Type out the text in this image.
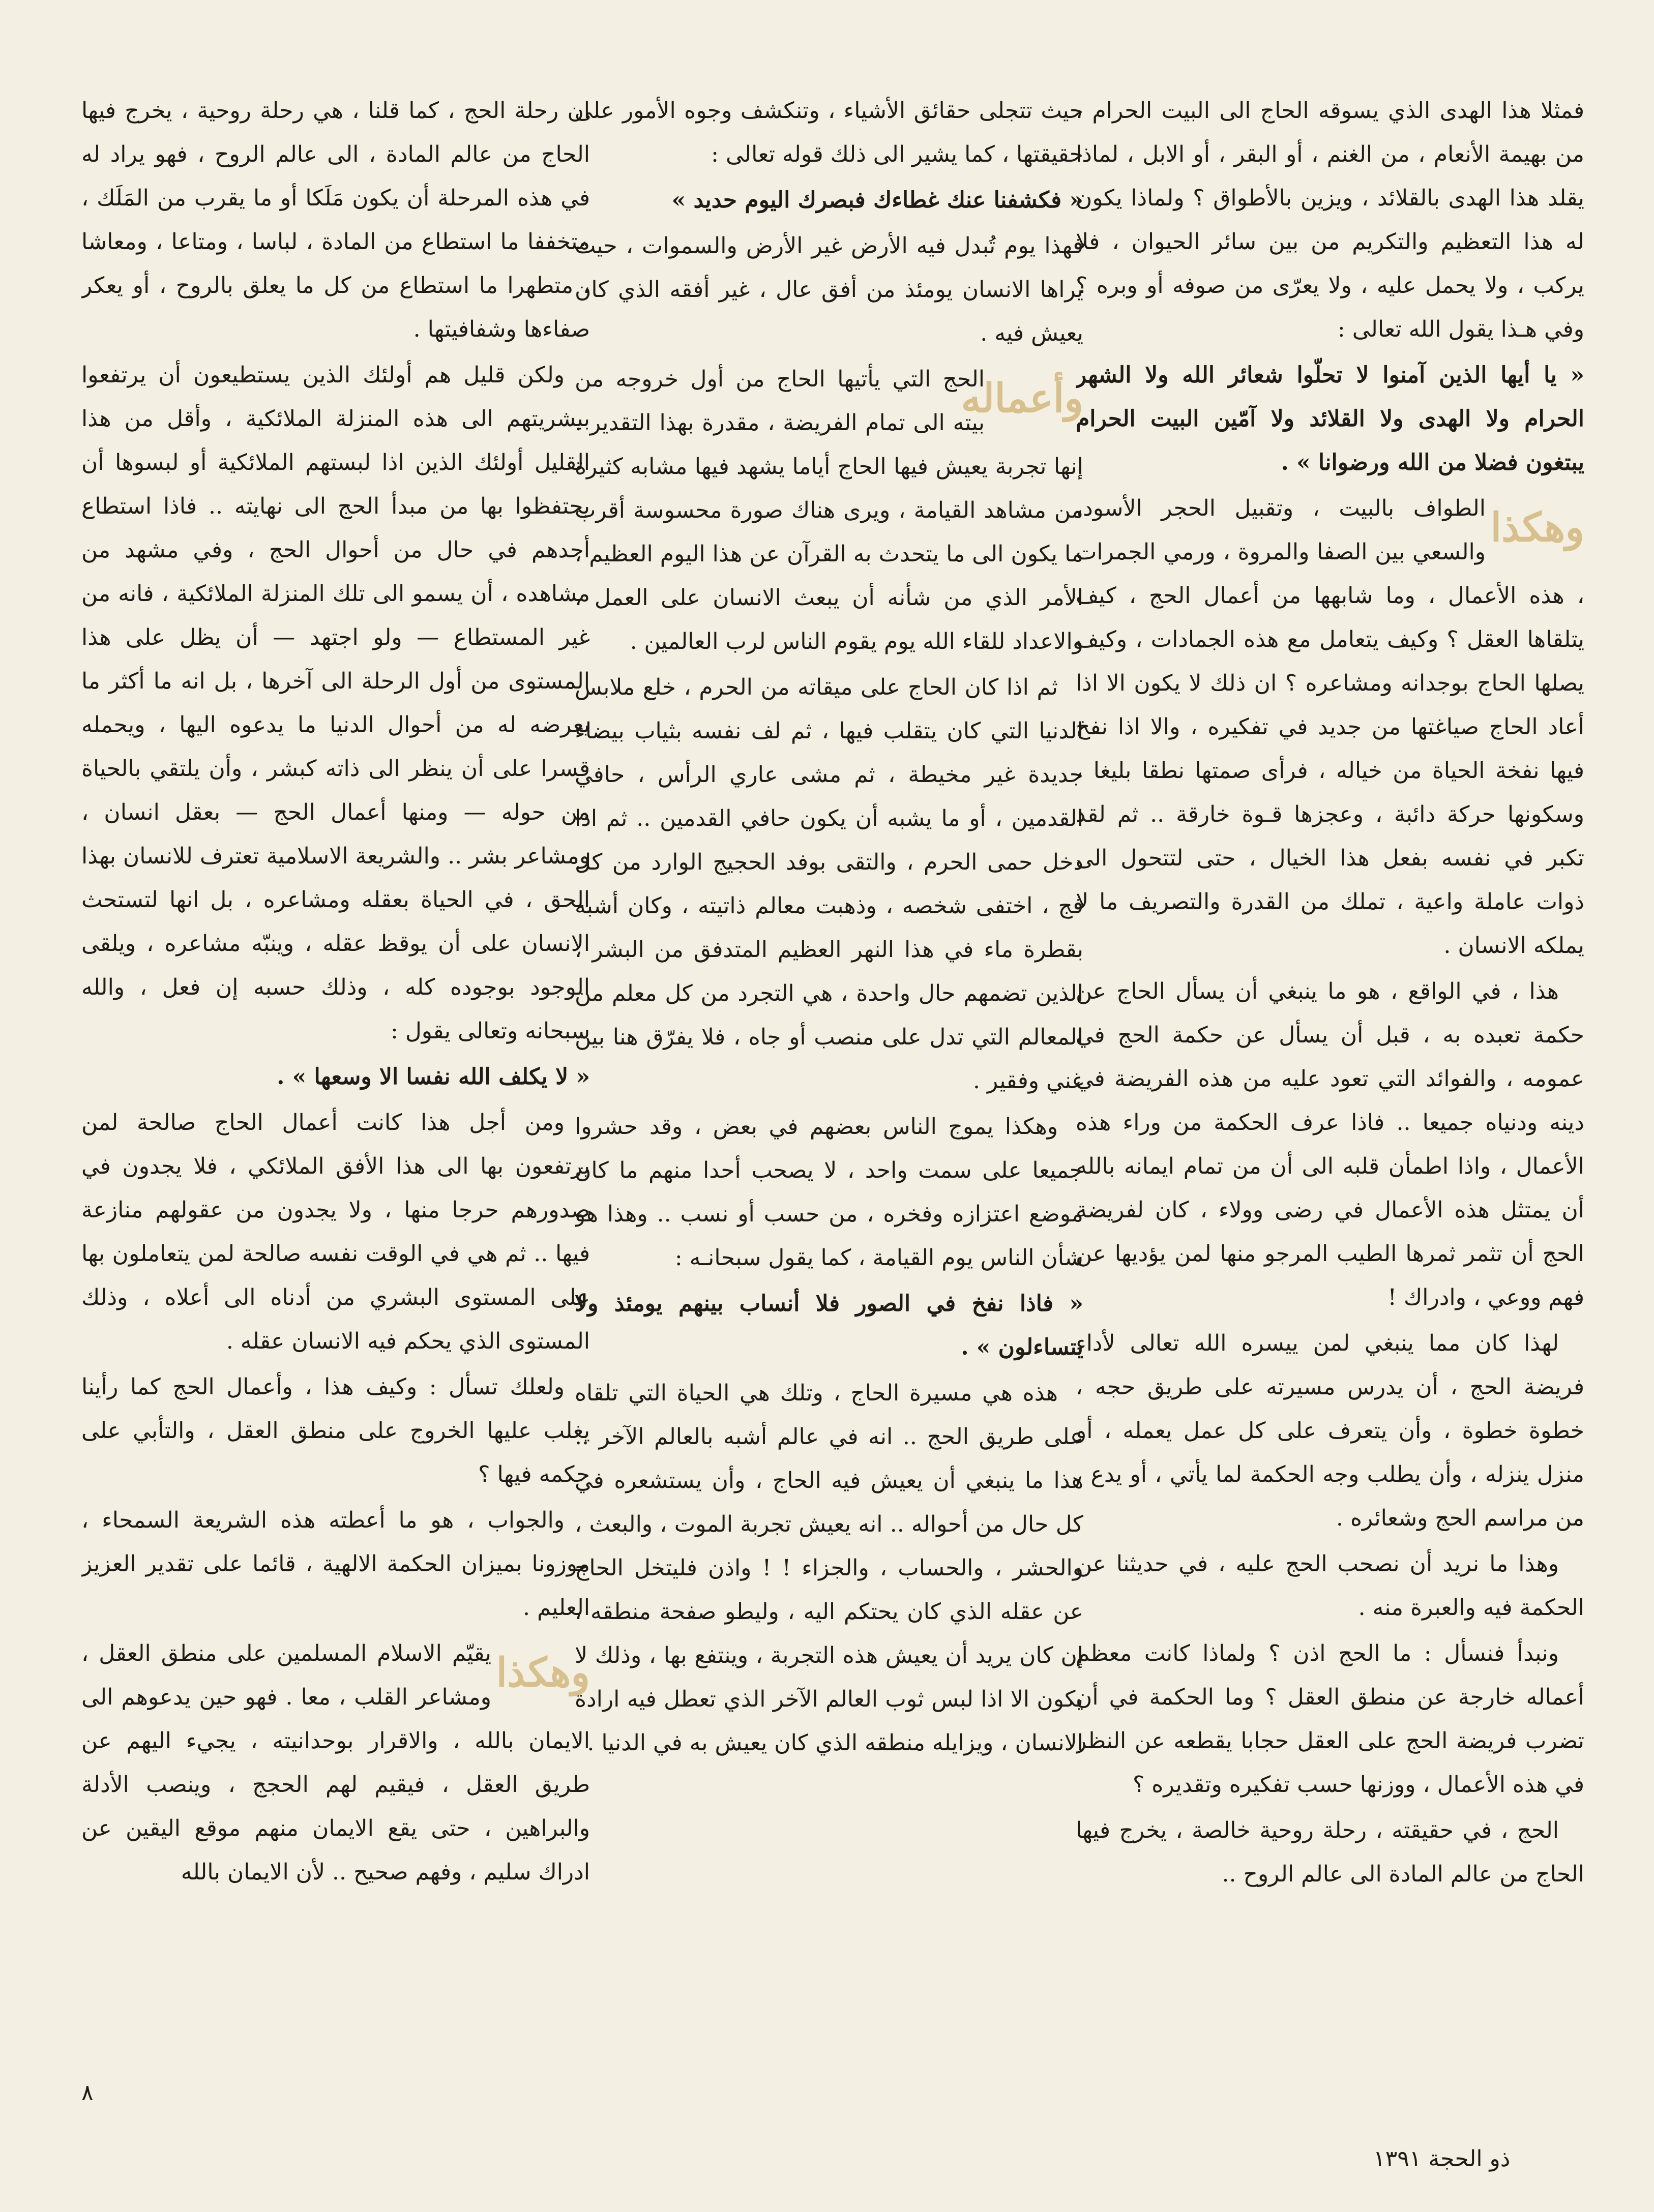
فمثلا هذا الهدى الذي يسوقه الحاج الى البيت الحرام ، من بهيمة الأنعام ، من الغنم ، أو البقر ، أو الابل ، لماذا يقلد هذا الهدى بالقلائد ، ويزين بالأطواق ؟ ولماذا يكون له هذا التعظيم والتكريم من بين سائر الحيوان ، فلا يركب ، ولا يحمل عليه ، ولا يعرّى من صوفه أو وبره ؟ وفي هـذا يقول الله تعالى :

« يا أيها الذين آمنوا لا تحلّوا شعائر الله ولا الشهر الحرام ولا الهدى ولا القلائد ولا آمّين البيت الحرام يبتغون فضلا من الله ورضوانا » .

وهكذا
الطواف بالبيت ، وتقبيل الحجر الأسود، والسعي بين الصفا والمروة ، ورمي الجمرات ، هذه الأعمال ، وما شابهها من أعمال الحج ، كيف يتلقاها العقل ؟ وكيف يتعامل مع هذه الجمادات ، وكيف يصلها الحاج بوجدانه ومشاعره ؟ ان ذلك لا يكون الا اذا أعاد الحاج صياغتها من جديد في تفكيره ، والا اذا نفخ فيها نفخة الحياة من خياله ، فرأى صمتها نطقا بليغا ، وسكونها حركة دائبة ، وعجزها قـوة خارقة .. ثم لقد تكبر في نفسه بفعل هذا الخيال ، حتى لتتحول الى ذوات عاملة واعية ، تملك من القدرة والتصريف ما لا يملكه الانسان .

هذا ، في الواقع ، هو ما ينبغي أن يسأل الحاج عن حكمة تعبده به ، قبل أن يسأل عن حكمة الحج في عمومه ، والفوائد التي تعود عليه من هذه الفريضة في دينه ودنياه جميعا .. فاذا عرف الحكمة من وراء هذه الأعمال ، واذا اطمأن قلبه الى أن من تمام ايمانه بالله أن يمتثل هذه الأعمال في رضى وولاء ، كان لفريضة الحج أن تثمر ثمرها الطيب المرجو منها لمن يؤديها عن فهم ووعي ، وادراك !

لهذا كان مما ينبغي لمن ييسره الله تعالى لأداء فريضة الحج ، أن يدرس مسيرته على طريق حجه ، خطوة خطوة ، وأن يتعرف على كل عمل يعمله ، أو منزل ينزله ، وأن يطلب وجه الحكمة لما يأتي ، أو يدع ، من مراسم الحج وشعائره .

وهذا ما نريد أن نصحب الحج عليه ، في حديثنا عن الحكمة فيه والعبرة منه .

ونبدأ فنسأل : ما الحج اذن ؟ ولماذا كانت معظم أعماله خارجة عن منطق العقل ؟ وما الحكمة في أن تضرب فريضة الحج على العقل حجابا يقطعه عن النظر في هذه الأعمال ، ووزنها حسب تفكيره وتقديره ؟

الحج ، في حقيقته ، رحلة روحية خالصة ، يخرج فيها الحاج من عالم المادة الى عالم الروح ..

حيث تتجلى حقائق الأشياء ، وتنكشف وجوه الأمور على حقيقتها ، كما يشير الى ذلك قوله تعالى :

« فكشفنا عنك غطاءك فبصرك اليوم حديد »

فهذا يوم تُبدل فيه الأرض غير الأرض والسموات ، حيث يراها الانسان يومئذ من أفق عال ، غير أفقه الذي كان يعيش فيه .

وأعماله
الحج التي يأتيها الحاج من أول خروجه من بيته الى تمام الفريضة ، مقدرة بهذا التقدير . إنها تجربة يعيش فيها الحاج أياما يشهد فيها مشابه كثيرة من مشاهد القيامة ، ويرى هناك صورة محسوسة أقرب ما يكون الى ما يتحدث به القرآن عن هذا اليوم العظيم ، الأمر الذي من شأنه أن يبعث الانسان على العمل ، والاعداد للقاء الله يوم يقوم الناس لرب العالمين .

ثم اذا كان الحاج على ميقاته من الحرم ، خلع ملابس الدنيا التي كان يتقلب فيها ، ثم لف نفسه بثياب بيضاء جديدة غير مخيطة ، ثم مشى عاري الرأس ، حافي القدمين ، أو ما يشبه أن يكون حافي القدمين .. ثم اذا دخل حمى الحرم ، والتقى بوفد الحجيج الوارد من كل فج ، اختفى شخصه ، وذهبت معالم ذاتيته ، وكان أشبه بقطرة ماء في هذا النهر العظيم المتدفق من البشر ، الذين تضمهم حال واحدة ، هي التجرد من كل معلم من المعالم التي تدل على منصب أو جاه ، فلا يفرّق هنا بين غني وفقير .

وهكذا يموج الناس بعضهم في بعض ، وقد حشروا جميعا على سمت واحد ، لا يصحب أحدا منهم ما كان موضع اعتزازه وفخره ، من حسب أو نسب .. وهذا هو شأن الناس يوم القيامة ، كما يقول سبحانـه :

« فاذا نفخ في الصور فلا أنساب بينهم يومئذ ولا يتساءلون » .

هذه هي مسيرة الحاج ، وتلك هي الحياة التي تلقاه على طريق الحج .. انه في عالم أشبه بالعالم الآخر .. هذا ما ينبغي أن يعيش فيه الحاج ، وأن يستشعره في كل حال من أحواله .. انه يعيش تجربة الموت ، والبعث ، والحشر ، والحساب ، والجزاء ! ! واذن فليتخل الحاج عن عقله الذي كان يحتكم اليه ، وليطو صفحة منطقه ، إن كان يريد أن يعيش هذه التجربة ، وينتفع بها ، وذلك لا يكون الا اذا لبس ثوب العالم الآخر الذي تعطل فيه ارادة الانسان ، ويزايله منطقه الذي كان يعيش به في الدنيا .

ان رحلة الحج ، كما قلنا ، هي رحلة روحية ، يخرج فيها الحاج من عالم المادة ، الى عالم الروح ، فهو يراد له في هذه المرحلة أن يكون مَلَكا أو ما يقرب من المَلَك ، متخففا ما استطاع من المادة ، لباسا ، ومتاعا ، ومعاشا ، متطهرا ما استطاع من كل ما يعلق بالروح ، أو يعكر صفاءها وشفافيتها .

ولكن قليل هم أولئك الذين يستطيعون أن يرتفعوا ببشريتهم الى هذه المنزلة الملائكية ، وأقل من هذا القليل أولئك الذين اذا لبستهم الملائكية أو لبسوها أن يحتفظوا بها من مبدأ الحج الى نهايته .. فاذا استطاع أحدهم في حال من أحوال الحج ، وفي مشهد من مشاهده ، أن يسمو الى تلك المنزلة الملائكية ، فانه من غير المستطاع — ولو اجتهد — أن يظل على هذا المستوى من أول الرحلة الى آخرها ، بل انه ما أكثر ما يعرضه له من أحوال الدنيا ما يدعوه اليها ، ويحمله قسرا على أن ينظر الى ذاته كبشر ، وأن يلتقي بالحياة من حوله — ومنها أعمال الحج — بعقل انسان ، ومشاعر بشر .. والشريعة الاسلامية تعترف للانسان بهذا الحق ، في الحياة بعقله ومشاعره ، بل انها لتستحث الانسان على أن يوقظ عقله ، وينبّه مشاعره ، ويلقى الوجود بوجوده كله ، وذلك حسبه إن فعل ، والله سبحانه وتعالى يقول :

« لا يكلف الله نفسا الا وسعها » .

ومن أجل هذا كانت أعمال الحاج صالحة لمن يرتفعون بها الى هذا الأفق الملائكي ، فلا يجدون في صدورهم حرجا منها ، ولا يجدون من عقولهم منازعة فيها .. ثم هي في الوقت نفسه صالحة لمن يتعاملون بها على المستوى البشري من أدناه الى أعلاه ، وذلك المستوى الذي يحكم فيه الانسان عقله .

ولعلك تسأل : وكيف هذا ، وأعمال الحج كما رأينا يغلب عليها الخروج على منطق العقل ، والتأبي على حكمه فيها ؟

والجواب ، هو ما أعطته هذه الشريعة السمحاء ، موزونا بميزان الحكمة الالهية ، قائما على تقدير العزيز العليم .

وهكذا
يقيّم الاسلام المسلمين على منطق العقل ، ومشاعر القلب ، معا . فهو حين يدعوهم الى الايمان بالله ، والاقرار بوحدانيته ، يجيء اليهم عن طريق العقل ، فيقيم لهم الحجج ، وينصب الأدلة والبراهين ، حتى يقع الايمان منهم موقع اليقين عن ادراك سليم ، وفهم صحيح .. لأن الايمان بالله

٨
ذو الحجة ١٣٩١
